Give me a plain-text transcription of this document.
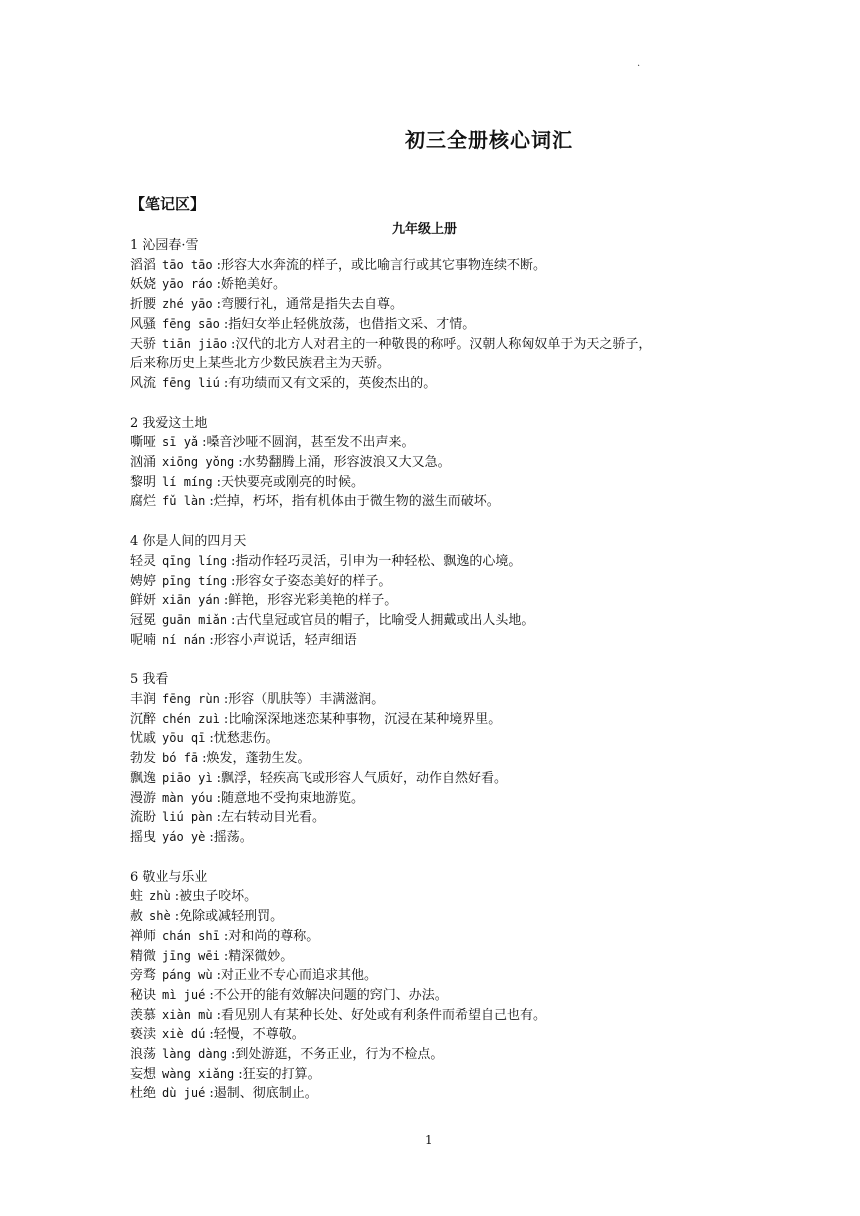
.
初三全册核心词汇
【笔记区】
九年级上册
1 沁园春·雪
滔滔 tāo tāo :形容大水奔流的样子，或比喻言行或其它事物连续不断。
妖娆 yāo ráo :娇艳美好。
折腰 zhé yāo :弯腰行礼，通常是指失去自尊。
风骚 fēng sāo :指妇女举止轻佻放荡，也借指文采、才情。
天骄 tiān jiāo :汉代的北方人对君主的一种敬畏的称呼。汉朝人称匈奴单于为天之骄子，
后来称历史上某些北方少数民族君主为天骄。
风流 fēng liú :有功绩而又有文采的，英俊杰出的。
2 我爱这土地
嘶哑 sī yǎ :嗓音沙哑不圆润，甚至发不出声来。
汹涌 xiōng yǒng :水势翻腾上涌，形容波浪又大又急。
黎明 lí míng :天快要亮或刚亮的时候。
腐烂 fǔ làn :烂掉，朽坏，指有机体由于微生物的滋生而破坏。
4 你是人间的四月天
轻灵 qīng líng :指动作轻巧灵活，引申为一种轻松、飘逸的心境。
娉婷 pīng tíng :形容女子姿态美好的样子。
鲜妍 xiān yán :鲜艳，形容光彩美艳的样子。
冠冕 guān miǎn :古代皇冠或官员的帽子，比喻受人拥戴或出人头地。
呢喃 ní nán :形容小声说话，轻声细语
5 我看
丰润 fēng rùn :形容（肌肤等）丰满滋润。
沉醉 chén zuì :比喻深深地迷恋某种事物，沉浸在某种境界里。
忧戚 yōu qī :忧愁悲伤。
勃发 bó fā :焕发，蓬勃生发。
飘逸 piāo yì :飘浮，轻疾高飞或形容人气质好，动作自然好看。
漫游 màn yóu :随意地不受拘束地游览。
流盼 liú pàn :左右转动目光看。
摇曳 yáo yè :摇荡。
6 敬业与乐业
蛀 zhù :被虫子咬坏。
赦 shè :免除或减轻刑罚。
禅师 chán shī :对和尚的尊称。
精微 jīng wēi :精深微妙。
旁骛 páng wù :对正业不专心而追求其他。
秘诀 mì jué :不公开的能有效解决问题的窍门、办法。
羡慕 xiàn mù :看见别人有某种长处、好处或有利条件而希望自己也有。
亵渎 xiè dú :轻慢，不尊敬。
浪荡 làng dàng :到处游逛，不务正业，行为不检点。
妄想 wàng xiǎng :狂妄的打算。
杜绝 dù jué :遏制、彻底制止。
1
